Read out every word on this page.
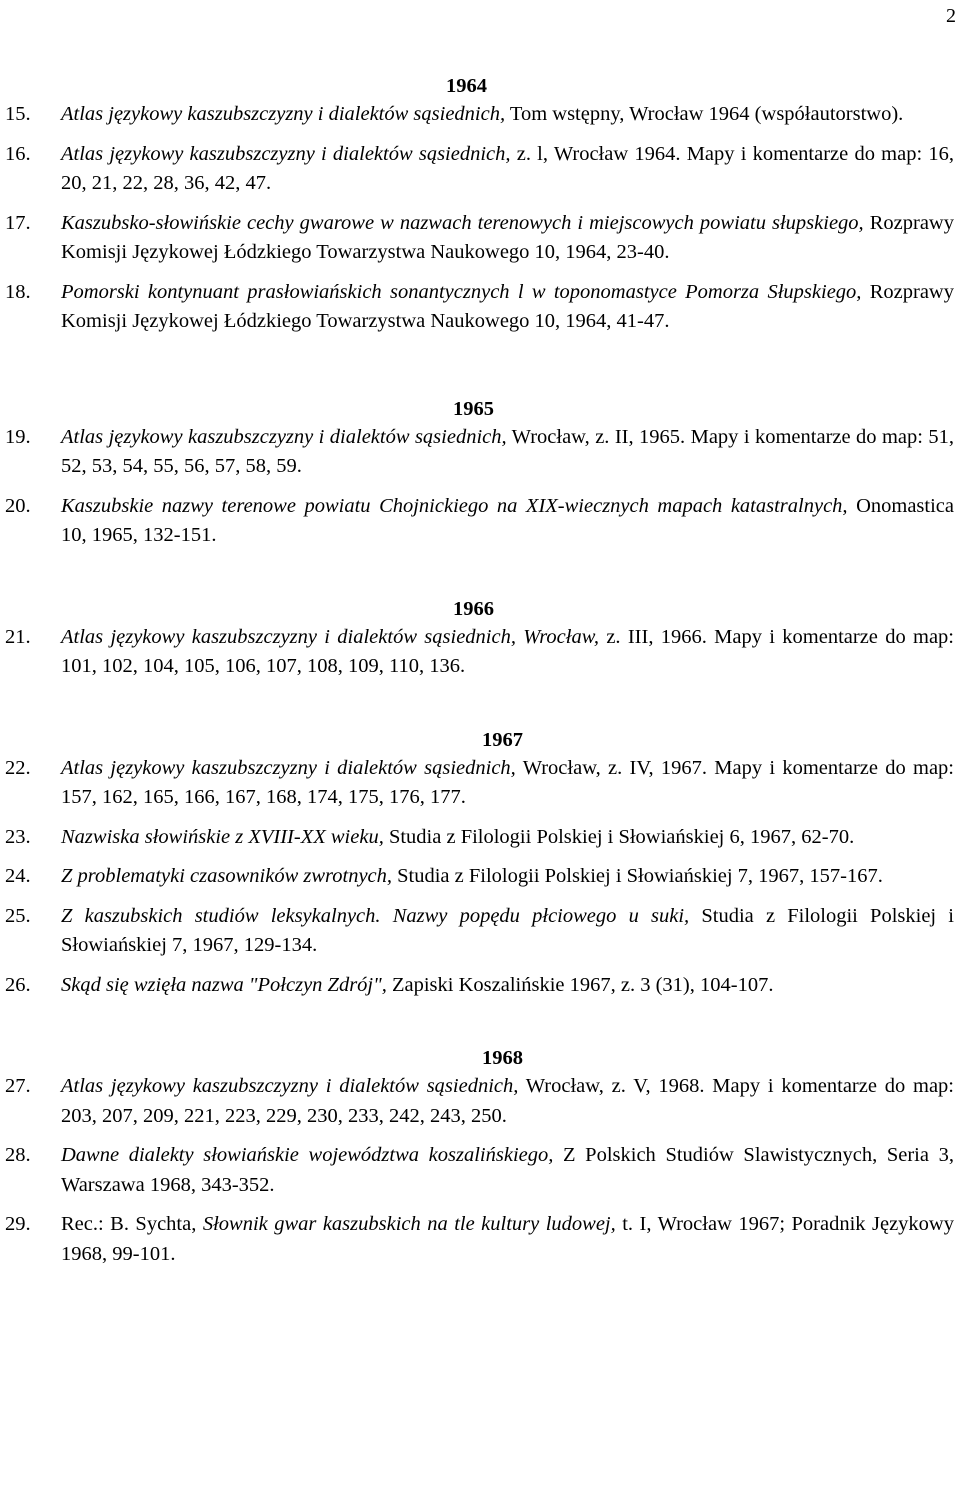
2
1964
15. Atlas językowy kaszubszczyzny i dialektów sąsiednich, Tom wstępny, Wrocław 1964 (współautorstwo).
16. Atlas językowy kaszubszczyzny i dialektów sąsiednich, z. l, Wrocław 1964. Mapy i komentarze do map: 16, 20, 21, 22, 28, 36, 42, 47.
17. Kaszubsko-słowińskie cechy gwarowe w nazwach terenowych i miejscowych powiatu słupskiego, Rozprawy Komisji Językowej Łódzkiego Towarzystwa Naukowego 10, 1964, 23-40.
18. Pomorski kontynuant prasłowiańskich sonantycznych l w toponomastyce Pomorza Słupskiego, Rozprawy Komisji Językowej Łódzkiego Towarzystwa Naukowego 10, 1964, 41-47.
1965
19. Atlas językowy kaszubszczyzny i dialektów sąsiednich, Wrocław, z. II, 1965. Mapy i komentarze do map: 51, 52, 53, 54, 55, 56, 57, 58, 59.
20. Kaszubskie nazwy terenowe powiatu Chojnickiego na XIX-wiecznych mapach katastralnych, Onomastica 10, 1965, 132-151.
1966
21. Atlas językowy kaszubszczyzny i dialektów sąsiednich, Wrocław, z. III, 1966. Mapy i komentarze do map: 101, 102, 104, 105, 106, 107, 108, 109, 110, 136.
1967
22. Atlas językowy kaszubszczyzny i dialektów sąsiednich, Wrocław, z. IV, 1967. Mapy i komentarze do map: 157, 162, 165, 166, 167, 168, 174, 175, 176, 177.
23. Nazwiska słowińskie z XVIII-XX wieku, Studia z Filologii Polskiej i Słowiańskiej 6, 1967, 62-70.
24. Z problematyki czasowników zwrotnych, Studia z Filologii Polskiej i Słowiańskiej 7, 1967, 157-167.
25. Z kaszubskich studiów leksykalnych. Nazwy popędu płciowego u suki, Studia z Filologii Polskiej i Słowiańskiej 7, 1967, 129-134.
26. Skąd się wzięła nazwa "Połczyn Zdrój", Zapiski Koszalińskie 1967, z. 3 (31), 104-107.
1968
27. Atlas językowy kaszubszczyzny i dialektów sąsiednich, Wrocław, z. V, 1968. Mapy i komentarze do map: 203, 207, 209, 221, 223, 229, 230, 233, 242, 243, 250.
28. Dawne dialekty słowiańskie województwa koszalińskiego, Z Polskich Studiów Slawistycznych, Seria 3, Warszawa 1968, 343-352.
29. Rec.: B. Sychta, Słownik gwar kaszubskich na tle kultury ludowej, t. I, Wrocław 1967; Poradnik Językowy 1968, 99-101.
